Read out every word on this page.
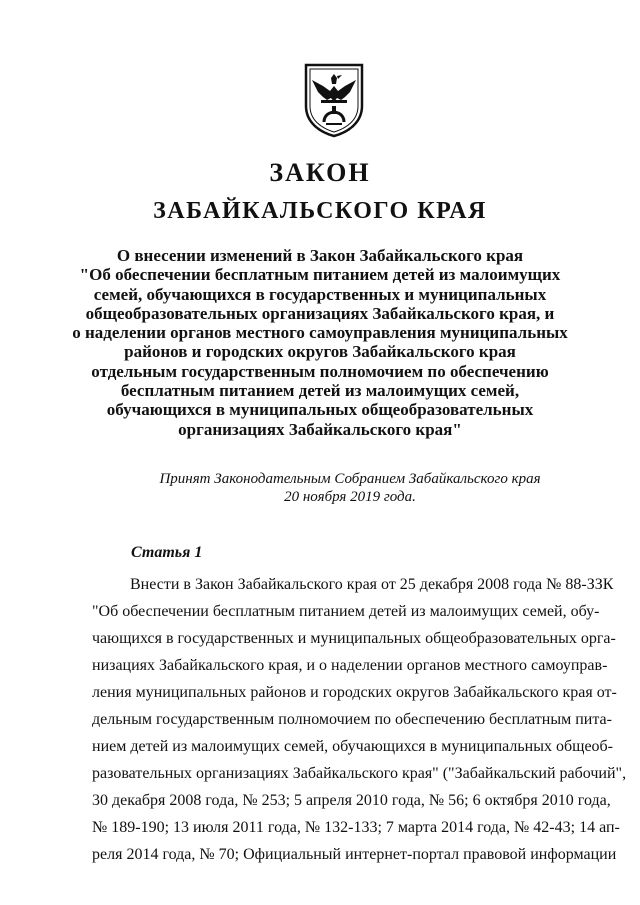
ЗАКОН
ЗАБАЙКАЛЬСКОГО КРАЯ
О внесении изменений в Закон Забайкальского края
"Об обеспечении бесплатным питанием детей из малоимущих
семей, обучающихся в государственных и муниципальных
общеобразовательных организациях Забайкальского края, и
о наделении органов местного самоуправления муниципальных
районов и городских округов Забайкальского края
отдельным государственным полномочием по обеспечению
бесплатным питанием детей из малоимущих семей,
обучающихся в муниципальных общеобразовательных
организациях Забайкальского края"
Принят Законодательным Собранием Забайкальского края
20 ноября 2019 года.
Статья 1
Внести в Закон Забайкальского края от 25 декабря 2008 года № 88-ЗЗК
"Об обеспечении бесплатным питанием детей из малоимущих семей, обу-
чающихся в государственных и муниципальных общеобразовательных орга-
низациях Забайкальского края, и о наделении органов местного самоуправ-
ления муниципальных районов и городских округов Забайкальского края от-
дельным государственным полномочием по обеспечению бесплатным пита-
нием детей из малоимущих семей, обучающихся в муниципальных общеоб-
разовательных организациях Забайкальского края" ("Забайкальский рабочий",
30 декабря 2008 года, № 253; 5 апреля 2010 года, № 56; 6 октября 2010 года,
№ 189-190; 13 июля 2011 года, № 132-133; 7 марта 2014 года, № 42-43; 14 ап-
реля 2014 года, № 70; Официальный интернет-портал правовой информации
